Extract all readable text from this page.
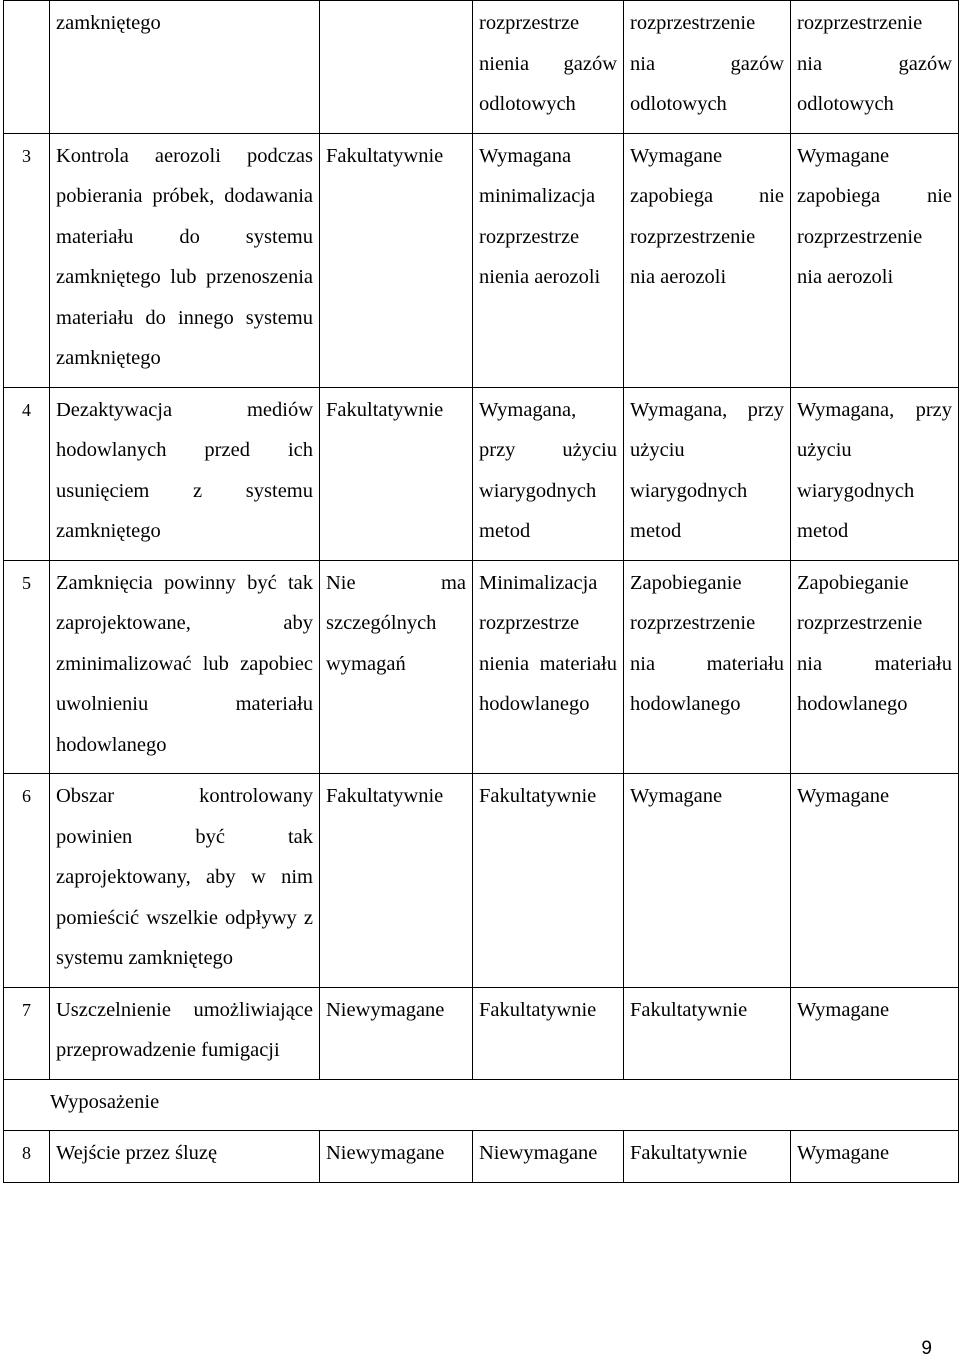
	zamkniętego		rozprzestrze nienia gazów odlotowych	rozprzestrzenie nia gazów odlotowych	rozprzestrzenie nia gazów odlotowych
3	Kontrola aerozoli podczas pobierania próbek, dodawania materiału do systemu zamkniętego lub przenoszenia materiału do innego systemu zamkniętego	Fakultatywnie	Wymagana minimalizacja rozprzestrze nienia aerozoli	Wymagane zapobiega nie rozprzestrzenie nia aerozoli	Wymagane zapobiega nie rozprzestrzenie nia aerozoli
4	Dezaktywacja mediów hodowlanych przed ich usunięciem z systemu zamkniętego	Fakultatywnie	Wymagana, przy użyciu wiarygodnych metod	Wymagana, przy użyciu wiarygodnych metod	Wymagana, przy użyciu wiarygodnych metod
5	Zamknięcia powinny być tak zaprojektowane, aby zminimalizować lub zapobiec uwolnieniu materiału hodowlanego	Nie ma szczególnych wymagań	Minimalizacja rozprzestrze nienia materiału hodowlanego	Zapobieganie rozprzestrzenie nia materiału hodowlanego	Zapobieganie rozprzestrzenie nia materiału hodowlanego
6	Obszar kontrolowany powinien być tak zaprojektowany, aby w nim pomieścić wszelkie odpływy z systemu zamkniętego	Fakultatywnie	Fakultatywnie	Wymagane	Wymagane
7	Uszczelnienie umożliwiające przeprowadzenie fumigacji	Niewymagane	Fakultatywnie	Fakultatywnie	Wymagane
Wyposażenie					
8	Wejście przez śluzę	Niewymagane	Niewymagane	Fakultatywnie	Wymagane
9
